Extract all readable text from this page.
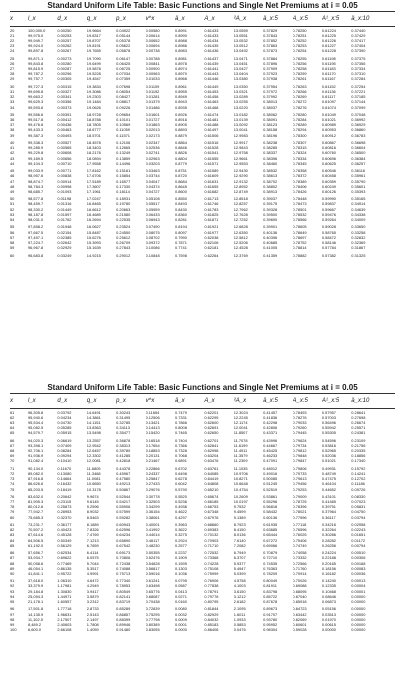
Standard Uniform Life Table: Basic Functions and Single Net Premiums at i = 0.05
x	l_x	d_x	q_x	p_x	v^x	ä_x	A_x	²A_x	ä_x:5	A_x:5	A¹_x:5	ä_x:10
20	100,000.0	0.00250	19.9664	0.04922	0.00580	0.8991	0.61433	13.0559	0.37829	0.78250	0.61224	0.37440
21	99,975.0	0.00253	19.8317	0.05144	0.00614	0.8990	0.61433	13.0551	0.37843	0.78251	0.61225	0.37429
22	99,949.7	0.00257	19.8707	0.05378	0.00652	0.8988	0.61434	13.0532	0.37852	0.78252	0.61226	0.37417
23	99,924.0	0.00262	19.8191	0.05622	0.00694	0.8986	0.61435	13.0512	0.37863	0.78253	0.61227	0.37404
24	99,897.8	0.00267	19.7655	0.05878	0.00738	0.8983	0.61436	13.0492	0.37873	0.78254	0.61228	0.37390
25	99,871.1	0.00273	19.7090	0.06147	0.00788	0.8981	0.61437	13.0471	0.37884	0.78255	0.61198	0.37375
26	99,843.8	0.00280	19.6499	0.06425	0.00841	0.8978	0.61439	13.0451	0.37896	0.78256	0.61195	0.37356
27	99,815.9	0.00287	19.5878	0.06725	0.00900	0.8974	0.61441	13.0427	0.37909	0.78258	0.61183	0.37334
28	99,787.2	0.00296	19.5228	0.07034	0.00963	0.8970	0.61443	13.0404	0.37923	0.78259	0.61170	0.37310
29	99,757.7	0.00305	19.4547	0.07359	0.01033	0.8966	0.61446	13.0380	0.37938	0.78261	0.61167	0.37284
30	99,727.3	0.00315	19.3834	0.07698	0.01109	0.8961	0.61449	13.0350	0.37954	0.78263	0.61152	0.37254
31	99,695.8	0.00327	19.3086	0.08054	0.01192	0.8955	0.61453	13.0321	0.37972	0.78266	0.61136	0.37221
32	99,663.2	0.00341	19.2303	0.08427	0.01281	0.8949	0.61458	13.0289	0.37992	0.78269	0.61117	0.37185
33	99,629.3	0.00356	19.1484	0.08817	0.01379	0.8943	0.61463	13.0255	0.38013	0.78272	0.61097	0.37144
34	99,593.6	0.00373	19.0626	0.09226	0.01486	0.8935	0.61468	13.0220	0.38037	0.78276	0.61074	0.37099
35	99,556.6	0.00391	18.9728	0.09654	0.01601	0.8926	0.61474	13.0182	0.38062	0.78280	0.61049	0.37048
36	99,517.8	0.00412	18.8788	0.10101	0.01727	0.8916	0.61481	13.0139	0.38091	0.78284	0.61021	0.36992
37	99,476.8	0.00436	18.7805	0.10569	0.01863	0.8905	0.61488	13.0092	0.38123	0.78289	0.60989	0.36929
38	99,433.3	0.00463	18.6777	0.11059	0.02013	0.8893	0.61497	13.0041	0.38158	0.78294	0.60953	0.36860
39	99,387.3	0.00493	18.5701	0.11571	0.02173	0.8879	0.61506	12.9983	0.38196	0.78300	0.60912	0.36783
40	99,338.3	0.00527	18.4578	0.12106	0.02347	0.8864	0.61516	12.9917	0.38238	0.78307	0.60867	0.36698
41	99,285.9	0.00565	18.3403	0.12665	0.02536	0.8846	0.61528	12.9843	0.38285	0.78315	0.60816	0.36604
42	99,229.8	0.00608	18.2176	0.13249	0.02741	0.8826	0.61541	12.9758	0.38337	0.78324	0.60760	0.36500
43	99,169.5	0.00656	18.0894	0.13859	0.02963	0.8804	0.61555	12.9661	0.38396	0.78334	0.60696	0.36384
44	99,104.3	0.00710	17.9558	0.14496	0.03203	0.8779	0.61571	12.9553	0.38460	0.78345	0.60625	0.36257
45	99,033.9	0.00771	17.8162	0.15161	0.03463	0.8751	0.61589	12.9430	0.38532	0.78358	0.60546	0.36116
46	98,957.6	0.00838	17.6706	0.15854	0.03744	0.8720	0.61609	12.9290	0.38613	0.78372	0.60458	0.35961
47	98,874.7	0.00914	17.5189	0.16577	0.04047	0.8684	0.61631	12.9132	0.38702	0.78389	0.60359	0.35790
48	98,784.3	0.00998	17.3607	0.17330	0.04374	0.8645	0.61655	12.8952	0.38802	0.78406	0.60249	0.35601
49	98,685.7	0.01093	17.1961	0.18114	0.04727	0.8600	0.61682	12.8749	0.38913	0.78426	0.60126	0.35393
50	98,577.8	0.01198	17.0247	0.18931	0.05108	0.8550	0.61713	12.8518	0.39037	0.78448	0.59990	0.35165
51	98,459.7	0.01316	16.8465	0.19780	0.05517	0.8493	0.61746	12.8257	0.39175	0.78473	0.59837	0.34914
52	98,330.2	0.01449	16.6612	0.20663	0.05959	0.8430	0.61783	12.7962	0.39328	0.78501	0.59667	0.34639
53	98,187.8	0.01597	16.4689	0.21580	0.06433	0.8360	0.61825	12.7628	0.39500	0.78532	0.59476	0.34338
54	98,031.0	0.01762	16.2694	0.22535	0.06943	0.8281	0.61871	12.7252	0.39690	0.78566	0.59264	0.34009
55	97,858.2	0.01948	16.0627	0.23524	0.07490	0.8194	0.61921	12.6828	0.39901	0.78605	0.59028	0.33650
56	97,667.5	0.02154	15.8487	0.24550	0.08075	0.8097	0.61977	12.6350	0.40136	0.78649	0.58765	0.33258
57	97,457.1	0.02385	15.6276	0.25612	0.08702	0.7990	0.62038	12.5812	0.40396	0.78697	0.58472	0.32832
58	97,224.7	0.02642	15.3993	0.26709	0.09372	0.7871	0.62106	12.5206	0.40685	0.78752	0.58146	0.32369
59	96,967.8	0.02929	15.1639	0.27843	0.10086	0.7741	0.62181	12.4528	0.41005	0.78814	0.57784	0.31867
60	96,683.8	0.03249	14.9215	0.29012	0.10848	0.7598	0.62264	12.3769	0.41359	0.78882	0.57382	0.31325
Standard Uniform Life Table: Basic Functions and Single Net Premiums at i = 0.05
x	l_x	d_x	q_x	p_x	v^x	ä_x	A_x	²A_x	ä_x:5	A_x:5	A¹_x:5	ä_x:10
61	96,305.8	0.03792	14.6491	0.30243	0.11654	0.7479	0.62201	12.3024	0.41457	0.78493	0.57957	0.28641
62	95,940.6	0.04234	14.3861	0.31495	0.12506	0.7331	0.62295	12.2245	0.41836	0.78276	0.57003	0.27698
63	95,534.4	0.04730	14.1151	0.32785	0.13421	0.7866	0.62600	12.1174	0.42298	0.79033	0.56496	0.26674
64	95,082.5	0.05285	13.8363	0.34113	0.14413	0.8008	0.62691	12.0041	0.42806	0.79260	0.55942	0.25571
65	94,579.7	0.05915	13.5498	0.35477	0.15420	0.7465	0.62650	11.8507	0.43371	0.79445	0.55305	0.24381
66	94,020.3	0.06619	13.2557	0.36878	0.16518	0.7404	0.62701	11.7078	0.43996	0.79624	0.54596	0.23109
67	93,398.1	0.07409	12.9542	0.38313	0.17654	0.7366	0.62841	11.6199	0.44667	0.79734	0.53816	0.21756
68	92,706.1	0.08284	12.6457	0.39780	0.18853	0.7328	0.62998	11.4911	0.45425	0.79812	0.52965	0.20335
69	91,936.9	0.09294	12.3302	0.41285	0.20131	0.7068	0.63204	11.3579	0.46233	0.79848	0.52036	0.18856
70	91,082.4	0.10410	12.0081	0.42818	0.21467	0.6891	0.63476	11.2309	0.47091	0.79847	0.51021	0.17340
71	90,134.0	0.11670	11.6805	0.44378	0.22866	0.6702	0.63761	11.1035	0.48012	0.79806	0.49931	0.15792
72	89,082.0	0.13080	11.3468	0.45967	0.24337	0.6498	0.64085	10.9706	0.49016	0.79733	0.48749	0.14241
73	87,916.8	0.14664	11.0081	0.47580	0.25847	0.6278	0.64419	10.8271	0.50085	0.79613	0.47475	0.12702
74	86,626.6	0.16432	10.6650	0.49213	0.27433	0.6042	0.64808	10.6648	0.51245	0.79456	0.46104	0.11186
75	85,203.5	0.18419	10.3178	0.50867	0.29076	0.5790	0.65210	10.4754	0.52519	0.79253	0.44652	0.09726
76	83,632.0	0.20642	9.9674	0.52544	0.30778	0.5520	0.65674	10.2609	0.53861	0.79009	0.43101	0.08330
77	81,905.3	0.23115	9.6145	0.54217	0.32503	0.5236	0.66185	10.0197	0.55296	0.78725	0.41465	0.07023
78	80,012.6	0.25873	9.2596	0.55906	0.34299	0.4936	0.66753	9.7532	0.56818	0.78396	0.39751	0.05831
79	77,942.7	0.28953	8.9032	0.57599	0.36154	0.4622	0.67348	9.4599	0.58432	0.78021	0.37964	0.04750
80	75,685.3	0.32370	8.5463	0.59282	0.38061	0.4297	0.67976	9.1389	0.60136	0.77596	0.36117	0.03794
81	73,231.7	0.36177	8.1889	0.60943	0.40001	0.3963	0.68660	8.7923	0.61935	0.77118	0.34216	0.02958
82	70,507.2	0.40423	7.8326	0.62596	0.41992	0.3622	0.69383	8.4150	0.63685	0.76596	0.32264	0.02243
83	67,614.6	0.45128	7.4769	0.64234	0.44014	0.3275	0.70132	8.0136	0.65444	0.76025	0.30286	0.01651
84	64,506.5	0.50349	7.1213	0.65890	0.46117	0.2924	0.70903	7.6140	0.67272	0.75406	0.28282	0.01172
85	61,192.0	0.56129	6.7659	0.67542	0.48230	0.2577	0.71710	7.2082	0.69066	0.74749	0.26256	0.00794
86	57,656.7	0.62534	6.4114	0.69173	0.50355	0.2237	0.72532	6.7949	0.70879	0.74058	0.24224	0.00510
87	53,934.7	0.69622	6.0575	0.70806	0.52476	0.1909	0.73368	6.3707	0.72710	0.73332	0.22188	0.00306
88	50,058.6	0.77469	5.7044	0.72438	0.54628	0.1595	0.74228	5.9377	0.74535	0.72566	0.20165	0.00168
89	46,054.1	0.86135	5.3517	0.74088	0.56817	0.1303	0.75108	5.4947	0.76363	0.71760	0.18156	0.00083
90	41,841.1	0.95722	4.9991	0.75713	0.59016	0.1036	0.75999	5.0399	0.78209	0.70914	0.16182	0.00036
91	37,618.0	1.06310	4.6472	0.77340	0.61241	0.0795	0.76906	4.5758	0.80049	0.70026	0.14240	0.00013
92	33,379.9	1.17981	4.2949	0.78953	0.63498	0.0587	0.77838	4.1003	0.81911	0.69088	0.12335	0.00004
93	29,184.8	1.30830	3.9417	0.80549	0.65776	0.0413	0.78791	3.6150	0.83798	0.68095	0.10468	0.00001
94	25,094.3	1.44971	3.5879	0.82141	0.68087	0.0271	0.79776	3.1212	0.85722	0.67040	0.08646	0.00000
95	21,178.1	1.60557	3.2312	0.83719	0.70438	0.0160	0.80795	2.6182	0.87678	0.65918	0.06873	0.00000
96	17,501.8	1.77718	2.8733	0.85289	0.72839	0.0080	0.81844	2.1095	0.89673	0.64723	0.05156	0.00000
97	14,135.9	1.96631	2.5143	0.86857	0.75295	0.0032	0.82929	1.6011	0.91707	0.63442	0.03513	0.00000
98	11,102.5	2.17507	2.1497	0.88399	0.77798	0.0009	0.84032	1.0933	0.93780	0.62069	0.01970	0.00000
99	8,489.2	2.40603	1.7808	0.89946	0.80389	0.0001	0.85183	0.5853	0.95952	0.60601	0.00615	0.00000
100	6,600.0	2.66108	1.4059	0.91480	0.83055	0.0000	0.86406	0.0476	0.98304	0.59028	0.00000	0.00000
